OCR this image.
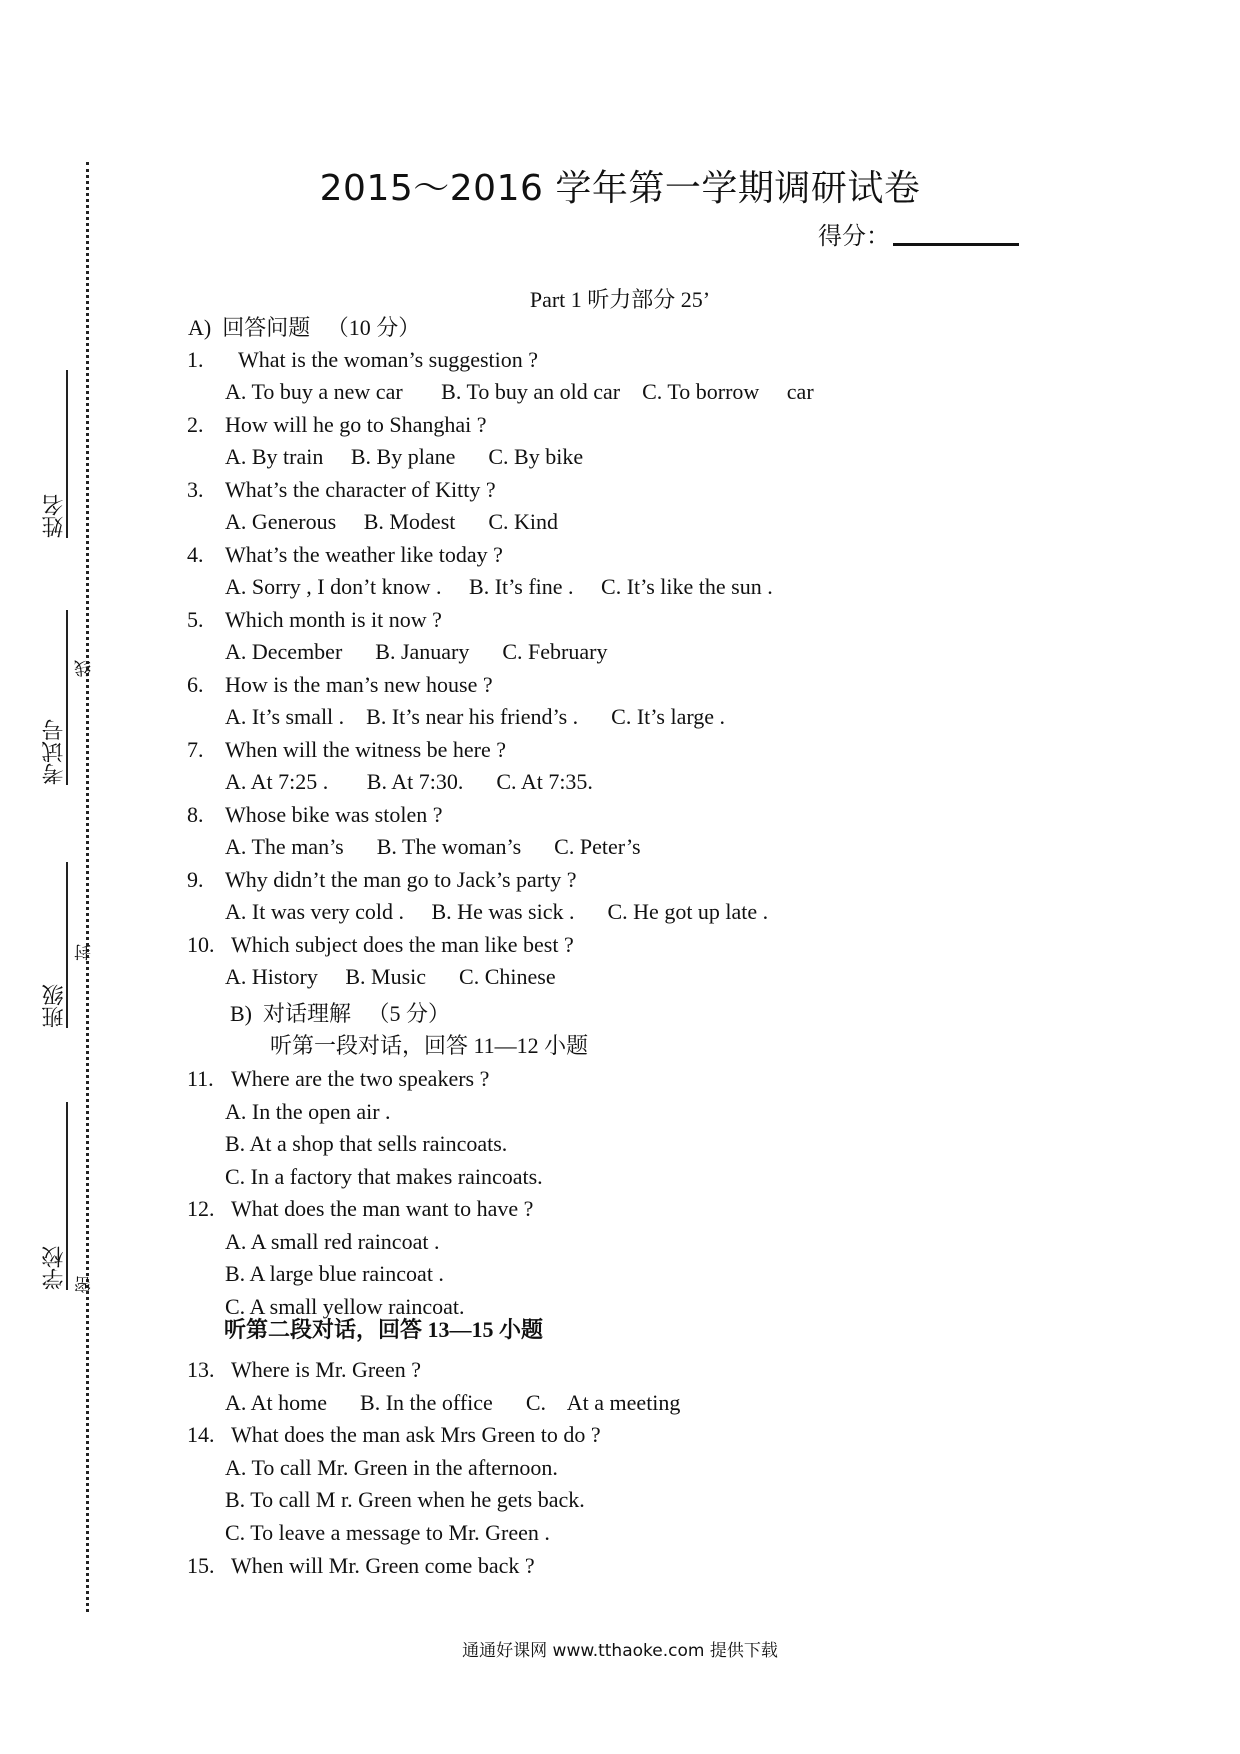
姓名
考试号
班级
学校
线
封
密
2015～2016 学年第一学期调研试卷
得分：
Part 1 听力部分 25’
A)  回答问题   （10 分）
1. What is the woman’s suggestion ?
A. To buy a new car       B. To buy an old car    C. To borrow     car
2. How will he go to Shanghai ?
A. By train     B. By plane      C. By bike
3. What’s the character of Kitty ?
A. Generous     B. Modest      C. Kind
4. What’s the weather like today ?
A. Sorry , I don’t know .     B. It’s fine .     C. It’s like the sun .
5. Which month is it now ?
A. December      B. January      C. February
6. How is the man’s new house ?
A. It’s small .    B. It’s near his friend’s .      C. It’s large .
7. When will the witness be here ?
A. At 7:25 .       B. At 7:30.      C. At 7:35.
8. Whose bike was stolen ?
A. The man’s      B. The woman’s      C. Peter’s
9. Why didn’t the man go to Jack’s party ?
A. It was very cold .     B. He was sick .      C. He got up late .
10. Which subject does the man like best ?
A. History     B. Music      C. Chinese
B)  对话理解   （5 分）
听第一段对话，回答 11—12 小题
11. Where are the two speakers ?
A. In the open air .
B. At a shop that sells raincoats.
C. In a factory that makes raincoats.
12. What does the man want to have ?
A. A small red raincoat .
B. A large blue raincoat .
C. A small yellow raincoat.
听第二段对话，回答 13—15 小题
13. Where is Mr. Green ?
A. At home      B. In the office      C.    At a meeting
14. What does the man ask Mrs Green to do ?
A. To call Mr. Green in the afternoon.
B. To call M r. Green when he gets back.
C. To leave a message to Mr. Green .
15. When will Mr. Green come back ?
通通好课网 www.tthaoke.com 提供下载
